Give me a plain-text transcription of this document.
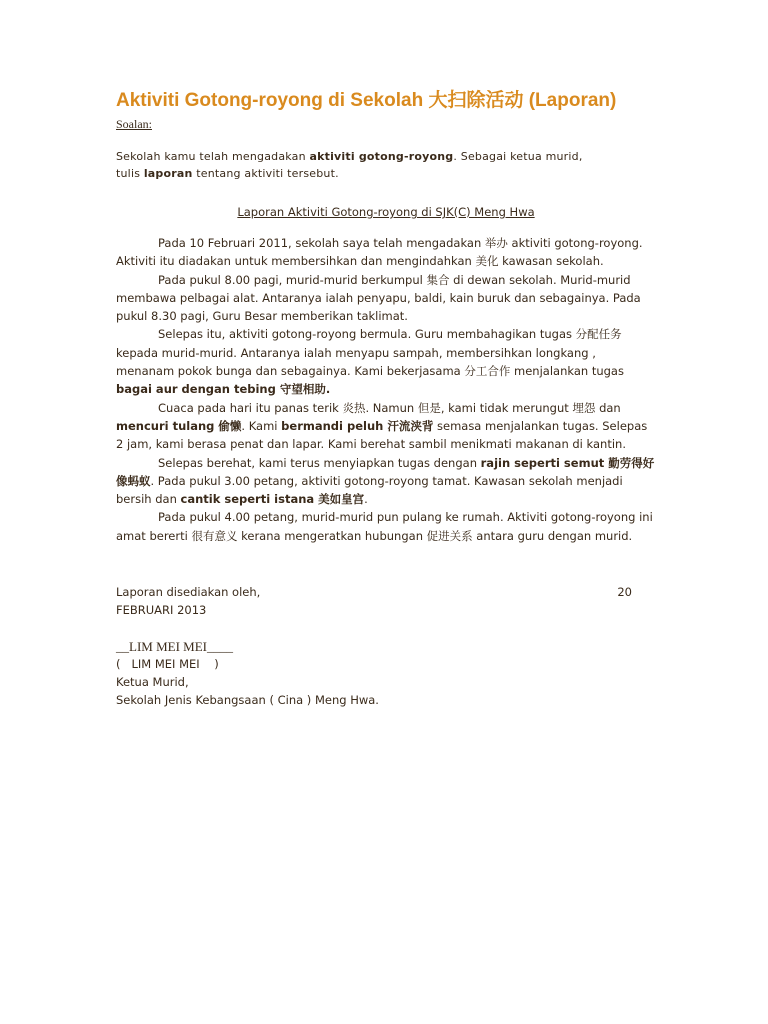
Aktiviti Gotong-royong di Sekolah 大扫除活动 (Laporan)
Soalan:
Sekolah kamu telah mengadakan aktiviti gotong-royong. Sebagai ketua murid,
tulis laporan tentang aktiviti tersebut.
Laporan Aktiviti Gotong-royong di SJK(C) Meng Hwa

Pada 10 Februari 2011, sekolah saya telah mengadakan 举办 aktiviti gotong-royong. Aktiviti itu diadakan untuk membersihkan dan mengindahkan 美化 kawasan sekolah.

Pada pukul 8.00 pagi, murid-murid berkumpul 集合 di dewan sekolah. Murid-murid membawa pelbagai alat. Antaranya ialah penyapu, baldi, kain buruk dan sebagainya. Pada pukul 8.30 pagi, Guru Besar memberikan taklimat.

Selepas itu, aktiviti gotong-royong bermula. Guru membahagikan tugas 分配任务 kepada murid-murid. Antaranya ialah menyapu sampah, membersihkan longkang , menanam pokok bunga dan sebagainya. Kami bekerjasama 分工合作 menjalankan tugas bagai aur dengan tebing 守望相助.

Cuaca pada hari itu panas terik 炎热. Namun 但是, kami tidak merungut 埋怨 dan mencuri tulang 偷懒. Kami bermandi peluh 汗流浃背 semasa menjalankan tugas. Selepas 2 jam, kami berasa penat dan lapar. Kami berehat sambil menikmati makanan di kantin.

Selepas berehat, kami terus menyiapkan tugas dengan rajin seperti semut 勤劳得好像蚂蚁. Pada pukul 3.00 petang, aktiviti gotong-royong tamat. Kawasan sekolah menjadi bersih dan cantik seperti istana 美如皇宫.

Pada pukul 4.00 petang, murid-murid pun pulang ke rumah. Aktiviti gotong-royong ini amat bererti 很有意义 kerana mengeratkan hubungan 促进关系 antara guru dengan murid.

Laporan disediakan oleh,	20
FEBRUARI 2013
__LIM MEI MEI____
(   LIM MEI MEI    )
Ketua Murid,
Sekolah Jenis Kebangsaan ( Cina ) Meng Hwa.
